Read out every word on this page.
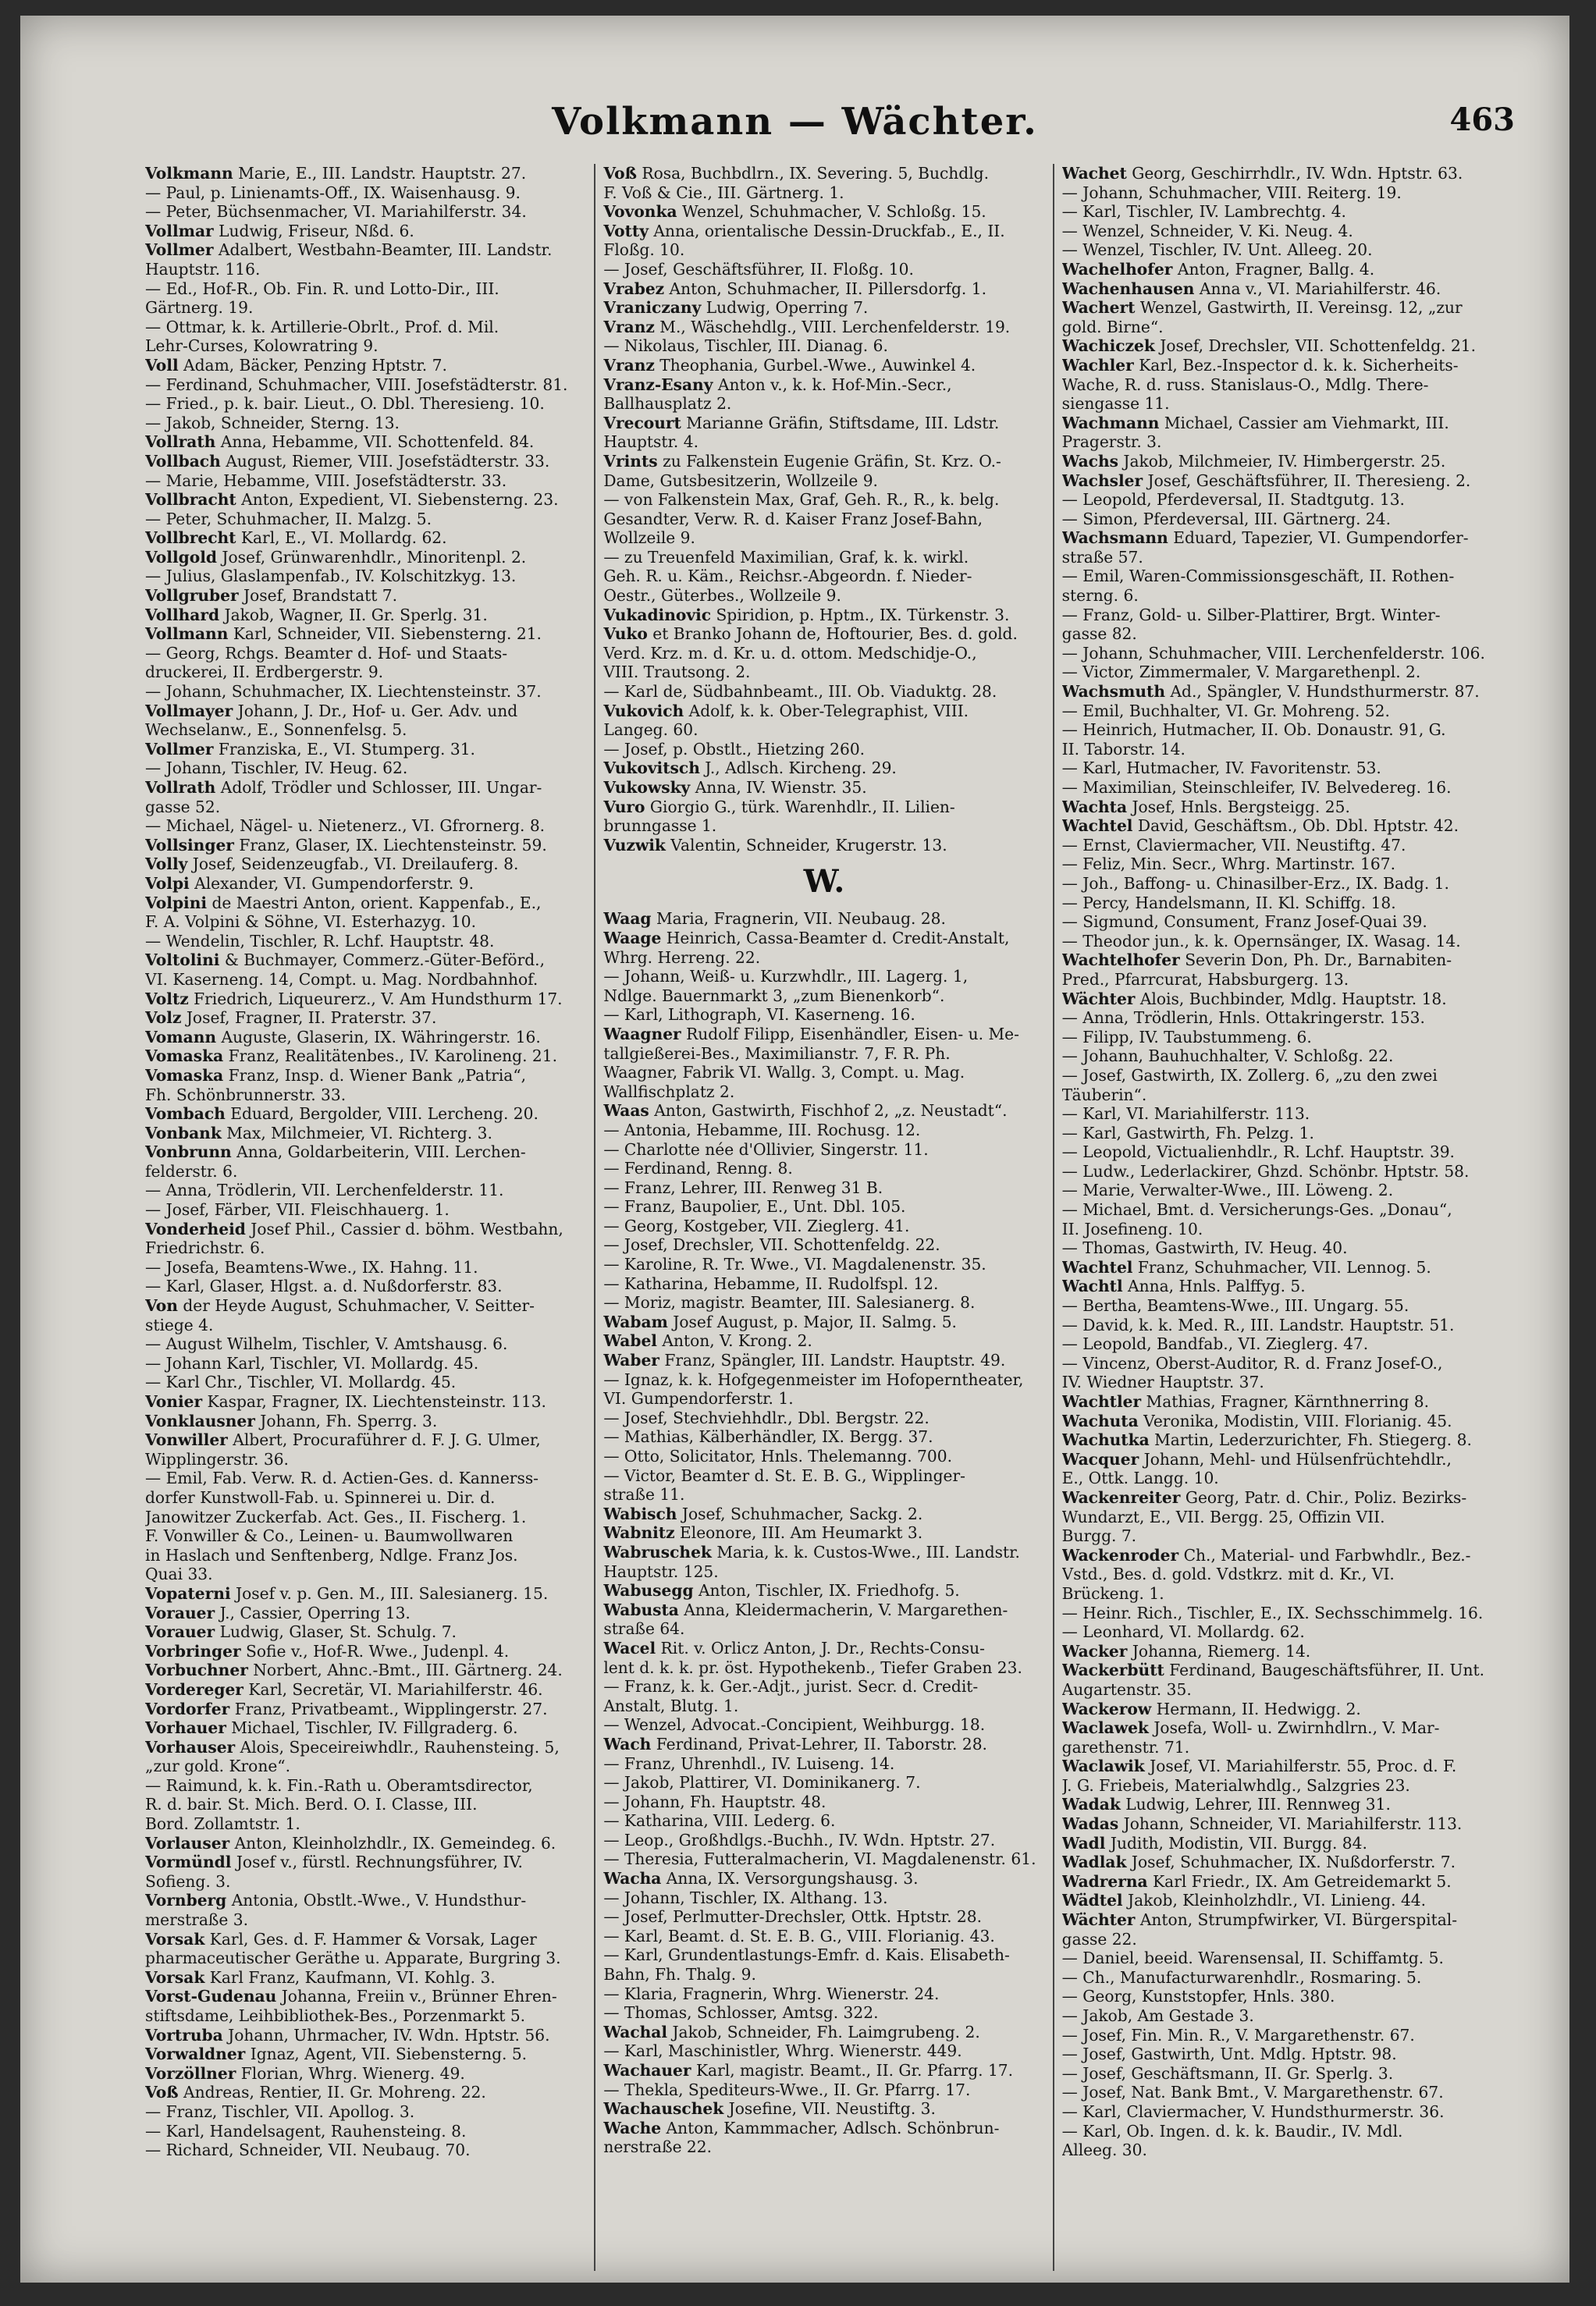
Volkmann — Wächter.	463
Volkmann Marie, E., III. Landstr. Hauptstr. 27.
— Paul, p. Linienamts-Off., IX. Waisenhausg. 9.
— Peter, Büchsenmacher, VI. Mariahilferstr. 34.
Vollmar Ludwig, Friseur, Nßd. 6.
Vollmer Adalbert, Westbahn-Beamter, III. Landstr.
Hauptstr. 116.
— Ed., Hof-R., Ob. Fin. R. und Lotto-Dir., III.
Gärtnerg. 19.
— Ottmar, k. k. Artillerie-Obrlt., Prof. d. Mil.
Lehr-Curses, Kolowratring 9.
Voll Adam, Bäcker, Penzing Hptstr. 7.
— Ferdinand, Schuhmacher, VIII. Josefstädterstr. 81.
— Fried., p. k. bair. Lieut., O. Dbl. Theresieng. 10.
— Jakob, Schneider, Sterng. 13.
Vollrath Anna, Hebamme, VII. Schottenfeld. 84.
Vollbach August, Riemer, VIII. Josefstädterstr. 33.
— Marie, Hebamme, VIII. Josefstädterstr. 33.
Vollbracht Anton, Expedient, VI. Siebensterng. 23.
— Peter, Schuhmacher, II. Malzg. 5.
Vollbrecht Karl, E., VI. Mollardg. 62.
Vollgold Josef, Grünwarenhdlr., Minoritenpl. 2.
— Julius, Glaslampenfab., IV. Kolschitzkyg. 13.
Vollgruber Josef, Brandstatt 7.
Vollhard Jakob, Wagner, II. Gr. Sperlg. 31.
Vollmann Karl, Schneider, VII. Siebensterng. 21.
— Georg, Rchgs. Beamter d. Hof- und Staats-
druckerei, II. Erdbergerstr. 9.
— Johann, Schuhmacher, IX. Liechtensteinstr. 37.
Vollmayer Johann, J. Dr., Hof- u. Ger. Adv. und
Wechselanw., E., Sonnenfelsg. 5.
Vollmer Franziska, E., VI. Stumperg. 31.
— Johann, Tischler, IV. Heug. 62.
Vollrath Adolf, Trödler und Schlosser, III. Ungar-
gasse 52.
— Michael, Nägel- u. Nietenerz., VI. Gfrornerg. 8.
Vollsinger Franz, Glaser, IX. Liechtensteinstr. 59.
Volly Josef, Seidenzeugfab., VI. Dreilauferg. 8.
Volpi Alexander, VI. Gumpendorferstr. 9.
Volpini de Maestri Anton, orient. Kappenfab., E.,
F. A. Volpini & Söhne, VI. Esterhazyg. 10.
— Wendelin, Tischler, R. Lchf. Hauptstr. 48.
Voltolini & Buchmayer, Commerz.-Güter-Beförd.,
VI. Kaserneng. 14, Compt. u. Mag. Nordbahnhof.
Voltz Friedrich, Liqueurerz., V. Am Hundsthurm 17.
Volz Josef, Fragner, II. Praterstr. 37.
Vomann Auguste, Glaserin, IX. Währingerstr. 16.
Vomaska Franz, Realitätenbes., IV. Karolineng. 21.
Vomaska Franz, Insp. d. Wiener Bank „Patria“,
Fh. Schönbrunnerstr. 33.
Vombach Eduard, Bergolder, VIII. Lercheng. 20.
Vonbank Max, Milchmeier, VI. Richterg. 3.
Vonbrunn Anna, Goldarbeiterin, VIII. Lerchen-
felderstr. 6.
— Anna, Trödlerin, VII. Lerchenfelderstr. 11.
— Josef, Färber, VII. Fleischhauerg. 1.
Vonderheid Josef Phil., Cassier d. böhm. Westbahn,
Friedrichstr. 6.
— Josefa, Beamtens-Wwe., IX. Hahng. 11.
— Karl, Glaser, Hlgst. a. d. Nußdorferstr. 83.
Von der Heyde August, Schuhmacher, V. Seitter-
stiege 4.
— August Wilhelm, Tischler, V. Amtshausg. 6.
— Johann Karl, Tischler, VI. Mollardg. 45.
— Karl Chr., Tischler, VI. Mollardg. 45.
Vonier Kaspar, Fragner, IX. Liechtensteinstr. 113.
Vonklausner Johann, Fh. Sperrg. 3.
Vonwiller Albert, Procuraführer d. F. J. G. Ulmer,
Wipplingerstr. 36.
— Emil, Fab. Verw. R. d. Actien-Ges. d. Kannerss-
dorfer Kunstwoll-Fab. u. Spinnerei u. Dir. d.
Janowitzer Zuckerfab. Act. Ges., II. Fischerg. 1.
F. Vonwiller & Co., Leinen- u. Baumwollwaren
in Haslach und Senftenberg, Ndlge. Franz Jos.
Quai 33.
Vopaterni Josef v. p. Gen. M., III. Salesianerg. 15.
Vorauer J., Cassier, Operring 13.
Vorauer Ludwig, Glaser, St. Schulg. 7.
Vorbringer Sofie v., Hof-R. Wwe., Judenpl. 4.
Vorbuchner Norbert, Ahnc.-Bmt., III. Gärtnerg. 24.
Vordereger Karl, Secretär, VI. Mariahilferstr. 46.
Vordorfer Franz, Privatbeamt., Wipplingerstr. 27.
Vorhauer Michael, Tischler, IV. Fillgraderg. 6.
Vorhauser Alois, Speceireiwhdlr., Rauhensteing. 5,
„zur gold. Krone“.
— Raimund, k. k. Fin.-Rath u. Oberamtsdirector,
R. d. bair. St. Mich. Berd. O. I. Classe, III.
Bord. Zollamtstr. 1.
Vorlauser Anton, Kleinholzhdlr., IX. Gemeindeg. 6.
Vormündl Josef v., fürstl. Rechnungsführer, IV.
Sofieng. 3.
Vornberg Antonia, Obstlt.-Wwe., V. Hundsthur-
merstraße 3.
Vorsak Karl, Ges. d. F. Hammer & Vorsak, Lager
pharmaceutischer Geräthe u. Apparate, Burgring 3.
Vorsak Karl Franz, Kaufmann, VI. Kohlg. 3.
Vorst-Gudenau Johanna, Freiin v., Brünner Ehren-
stiftsdame, Leihbibliothek-Bes., Porzenmarkt 5.
Vortruba Johann, Uhrmacher, IV. Wdn. Hptstr. 56.
Vorwaldner Ignaz, Agent, VII. Siebensterng. 5.
Vorzöllner Florian, Whrg. Wienerg. 49.
Voß Andreas, Rentier, II. Gr. Mohreng. 22.
— Franz, Tischler, VII. Apollog. 3.
— Karl, Handelsagent, Rauhensteing. 8.
— Richard, Schneider, VII. Neubaug. 70.
Voß Rosa, Buchbdlrn., IX. Severing. 5, Buchdlg.
F. Voß & Cie., III. Gärtnerg. 1.
Vovonka Wenzel, Schuhmacher, V. Schloßg. 15.
Votty Anna, orientalische Dessin-Druckfab., E., II.
Floßg. 10.
— Josef, Geschäftsführer, II. Floßg. 10.
Vrabez Anton, Schuhmacher, II. Pillersdorfg. 1.
Vraniczany Ludwig, Operring 7.
Vranz M., Wäschehdlg., VIII. Lerchenfelderstr. 19.
— Nikolaus, Tischler, III. Dianag. 6.
Vranz Theophania, Gurbel.-Wwe., Auwinkel 4.
Vranz-Esany Anton v., k. k. Hof-Min.-Secr.,
Ballhausplatz 2.
Vrecourt Marianne Gräfin, Stiftsdame, III. Ldstr.
Hauptstr. 4.
Vrints zu Falkenstein Eugenie Gräfin, St. Krz. O.-
Dame, Gutsbesitzerin, Wollzeile 9.
— von Falkenstein Max, Graf, Geh. R., R., k. belg.
Gesandter, Verw. R. d. Kaiser Franz Josef-Bahn,
Wollzeile 9.
— zu Treuenfeld Maximilian, Graf, k. k. wirkl.
Geh. R. u. Käm., Reichsr.-Abgeordn. f. Nieder-
Oestr., Güterbes., Wollzeile 9.
Vukadinovic Spiridion, p. Hptm., IX. Türkenstr. 3.
Vuko et Branko Johann de, Hoftourier, Bes. d. gold.
Verd. Krz. m. d. Kr. u. d. ottom. Medschidje-O.,
VIII. Trautsong. 2.
— Karl de, Südbahnbeamt., III. Ob. Viaduktg. 28.
Vukovich Adolf, k. k. Ober-Telegraphist, VIII.
Langeg. 60.
— Josef, p. Obstlt., Hietzing 260.
Vukovitsch J., Adlsch. Kircheng. 29.
Vukowsky Anna, IV. Wienstr. 35.
Vuro Giorgio G., türk. Warenhdlr., II. Lilien-
brunngasse 1.
Vuzwik Valentin, Schneider, Krugerstr. 13.
W.
Waag Maria, Fragnerin, VII. Neubaug. 28.
Waage Heinrich, Cassa-Beamter d. Credit-Anstalt,
Whrg. Herreng. 22.
— Johann, Weiß- u. Kurzwhdlr., III. Lagerg. 1,
Ndlge. Bauernmarkt 3, „zum Bienenkorb“.
— Karl, Lithograph, VI. Kaserneng. 16.
Waagner Rudolf Filipp, Eisenhändler, Eisen- u. Me-
tallgießerei-Bes., Maximilianstr. 7, F. R. Ph.
Waagner, Fabrik VI. Wallg. 3, Compt. u. Mag.
Wallfischplatz 2.
Waas Anton, Gastwirth, Fischhof 2, „z. Neustadt“.
— Antonia, Hebamme, III. Rochusg. 12.
— Charlotte née d'Ollivier, Singerstr. 11.
— Ferdinand, Renng. 8.
— Franz, Lehrer, III. Renweg 31 B.
— Franz, Baupolier, E., Unt. Dbl. 105.
— Georg, Kostgeber, VII. Zieglerg. 41.
— Josef, Drechsler, VII. Schottenfeldg. 22.
— Karoline, R. Tr. Wwe., VI. Magdalenenstr. 35.
— Katharina, Hebamme, II. Rudolfspl. 12.
— Moriz, magistr. Beamter, III. Salesianerg. 8.
Wabam Josef August, p. Major, II. Salmg. 5.
Wabel Anton, V. Krong. 2.
Waber Franz, Spängler, III. Landstr. Hauptstr. 49.
— Ignaz, k. k. Hofgegenmeister im Hofoperntheater,
VI. Gumpendorferstr. 1.
— Josef, Stechviehhdlr., Dbl. Bergstr. 22.
— Mathias, Kälberhändler, IX. Bergg. 37.
— Otto, Solicitator, Hnls. Thelemanng. 700.
— Victor, Beamter d. St. E. B. G., Wipplinger-
straße 11.
Wabisch Josef, Schuhmacher, Sackg. 2.
Wabnitz Eleonore, III. Am Heumarkt 3.
Wabruschek Maria, k. k. Custos-Wwe., III. Landstr.
Hauptstr. 125.
Wabusegg Anton, Tischler, IX. Friedhofg. 5.
Wabusta Anna, Kleidermacherin, V. Margarethen-
straße 64.
Wacel Rit. v. Orlicz Anton, J. Dr., Rechts-Consu-
lent d. k. k. pr. öst. Hypothekenb., Tiefer Graben 23.
— Franz, k. k. Ger.-Adjt., jurist. Secr. d. Credit-
Anstalt, Blutg. 1.
— Wenzel, Advocat.-Concipient, Weihburgg. 18.
Wach Ferdinand, Privat-Lehrer, II. Taborstr. 28.
— Franz, Uhrenhdl., IV. Luiseng. 14.
— Jakob, Plattirer, VI. Dominikanerg. 7.
— Johann, Fh. Hauptstr. 48.
— Katharina, VIII. Lederg. 6.
— Leop., Großhdlgs.-Buchh., IV. Wdn. Hptstr. 27.
— Theresia, Futteralmacherin, VI. Magdalenenstr. 61.
Wacha Anna, IX. Versorgungshausg. 3.
— Johann, Tischler, IX. Althang. 13.
— Josef, Perlmutter-Drechsler, Ottk. Hptstr. 28.
— Karl, Beamt. d. St. E. B. G., VIII. Florianig. 43.
— Karl, Grundentlastungs-Emfr. d. Kais. Elisabeth-
Bahn, Fh. Thalg. 9.
— Klaria, Fragnerin, Whrg. Wienerstr. 24.
— Thomas, Schlosser, Amtsg. 322.
Wachal Jakob, Schneider, Fh. Laimgrubeng. 2.
— Karl, Maschinistler, Whrg. Wienerstr. 449.
Wachauer Karl, magistr. Beamt., II. Gr. Pfarrg. 17.
— Thekla, Spediteurs-Wwe., II. Gr. Pfarrg. 17.
Wachauschek Josefine, VII. Neustiftg. 3.
Wache Anton, Kammmacher, Adlsch. Schönbrun-
nerstraße 22.
Wachet Georg, Geschirrhdlr., IV. Wdn. Hptstr. 63.
— Johann, Schuhmacher, VIII. Reiterg. 19.
— Karl, Tischler, IV. Lambrechtg. 4.
— Wenzel, Schneider, V. Ki. Neug. 4.
— Wenzel, Tischler, IV. Unt. Alleeg. 20.
Wachelhofer Anton, Fragner, Ballg. 4.
Wachenhausen Anna v., VI. Mariahilferstr. 46.
Wachert Wenzel, Gastwirth, II. Vereinsg. 12, „zur
gold. Birne“.
Wachiczek Josef, Drechsler, VII. Schottenfeldg. 21.
Wachler Karl, Bez.-Inspector d. k. k. Sicherheits-
Wache, R. d. russ. Stanislaus-O., Mdlg. There-
siengasse 11.
Wachmann Michael, Cassier am Viehmarkt, III.
Pragerstr. 3.
Wachs Jakob, Milchmeier, IV. Himbergerstr. 25.
Wachsler Josef, Geschäftsführer, II. Theresieng. 2.
— Leopold, Pferdeversal, II. Stadtgutg. 13.
— Simon, Pferdeversal, III. Gärtnerg. 24.
Wachsmann Eduard, Tapezier, VI. Gumpendorfer-
straße 57.
— Emil, Waren-Commissionsgeschäft, II. Rothen-
sterng. 6.
— Franz, Gold- u. Silber-Plattirer, Brgt. Winter-
gasse 82.
— Johann, Schuhmacher, VIII. Lerchenfelderstr. 106.
— Victor, Zimmermaler, V. Margarethenpl. 2.
Wachsmuth Ad., Spängler, V. Hundsthurmerstr. 87.
— Emil, Buchhalter, VI. Gr. Mohreng. 52.
— Heinrich, Hutmacher, II. Ob. Donaustr. 91, G.
II. Taborstr. 14.
— Karl, Hutmacher, IV. Favoritenstr. 53.
— Maximilian, Steinschleifer, IV. Belvedereg. 16.
Wachta Josef, Hnls. Bergsteigg. 25.
Wachtel David, Geschäftsm., Ob. Dbl. Hptstr. 42.
— Ernst, Claviermacher, VII. Neustiftg. 47.
— Feliz, Min. Secr., Whrg. Martinstr. 167.
— Joh., Baffong- u. Chinasilber-Erz., IX. Badg. 1.
— Percy, Handelsmann, II. Kl. Schiffg. 18.
— Sigmund, Consument, Franz Josef-Quai 39.
— Theodor jun., k. k. Opernsänger, IX. Wasag. 14.
Wachtelhofer Severin Don, Ph. Dr., Barnabiten-
Pred., Pfarrcurat, Habsburgerg. 13.
Wächter Alois, Buchbinder, Mdlg. Hauptstr. 18.
— Anna, Trödlerin, Hnls. Ottakringerstr. 153.
— Filipp, IV. Taubstummeng. 6.
— Johann, Bauhuchhalter, V. Schloßg. 22.
— Josef, Gastwirth, IX. Zollerg. 6, „zu den zwei
Täuberin“.
— Karl, VI. Mariahilferstr. 113.
— Karl, Gastwirth, Fh. Pelzg. 1.
— Leopold, Victualienhdlr., R. Lchf. Hauptstr. 39.
— Ludw., Lederlackirer, Ghzd. Schönbr. Hptstr. 58.
— Marie, Verwalter-Wwe., III. Löweng. 2.
— Michael, Bmt. d. Versicherungs-Ges. „Donau“,
II. Josefineng. 10.
— Thomas, Gastwirth, IV. Heug. 40.
Wachtel Franz, Schuhmacher, VII. Lennog. 5.
Wachtl Anna, Hnls. Palffyg. 5.
— Bertha, Beamtens-Wwe., III. Ungarg. 55.
— David, k. k. Med. R., III. Landstr. Hauptstr. 51.
— Leopold, Bandfab., VI. Zieglerg. 47.
— Vincenz, Oberst-Auditor, R. d. Franz Josef-O.,
IV. Wiedner Hauptstr. 37.
Wachtler Mathias, Fragner, Kärnthnerring 8.
Wachuta Veronika, Modistin, VIII. Florianig. 45.
Wachutka Martin, Lederzurichter, Fh. Stiegerg. 8.
Wacquer Johann, Mehl- und Hülsenfrüchtehdlr.,
E., Ottk. Langg. 10.
Wackenreiter Georg, Patr. d. Chir., Poliz. Bezirks-
Wundarzt, E., VII. Bergg. 25, Offizin VII.
Burgg. 7.
Wackenroder Ch., Material- und Farbwhdlr., Bez.-
Vstd., Bes. d. gold. Vdstkrz. mit d. Kr., VI.
Brückeng. 1.
— Heinr. Rich., Tischler, E., IX. Sechsschimmelg. 16.
— Leonhard, VI. Mollardg. 62.
Wacker Johanna, Riemerg. 14.
Wackerbütt Ferdinand, Baugeschäftsführer, II. Unt.
Augartenstr. 35.
Wackerow Hermann, II. Hedwigg. 2.
Waclawek Josefa, Woll- u. Zwirnhdlrn., V. Mar-
garethenstr. 71.
Waclawik Josef, VI. Mariahilferstr. 55, Proc. d. F.
J. G. Friebeis, Materialwhdlg., Salzgries 23.
Wadak Ludwig, Lehrer, III. Rennweg 31.
Wadas Johann, Schneider, VI. Mariahilferstr. 113.
Wadl Judith, Modistin, VII. Burgg. 84.
Wadlak Josef, Schuhmacher, IX. Nußdorferstr. 7.
Wadrerna Karl Friedr., IX. Am Getreidemarkt 5.
Wädtel Jakob, Kleinholzhdlr., VI. Linieng. 44.
Wächter Anton, Strumpfwirker, VI. Bürgerspital-
gasse 22.
— Daniel, beeid. Warensensal, II. Schiffamtg. 5.
— Ch., Manufacturwarenhdlr., Rosmaring. 5.
— Georg, Kunststopfer, Hnls. 380.
— Jakob, Am Gestade 3.
— Josef, Fin. Min. R., V. Margarethenstr. 67.
— Josef, Gastwirth, Unt. Mdlg. Hptstr. 98.
— Josef, Geschäftsmann, II. Gr. Sperlg. 3.
— Josef, Nat. Bank Bmt., V. Margarethenstr. 67.
— Karl, Claviermacher, V. Hundsthurmerstr. 36.
— Karl, Ob. Ingen. d. k. k. Baudir., IV. Mdl.
Alleeg. 30.
